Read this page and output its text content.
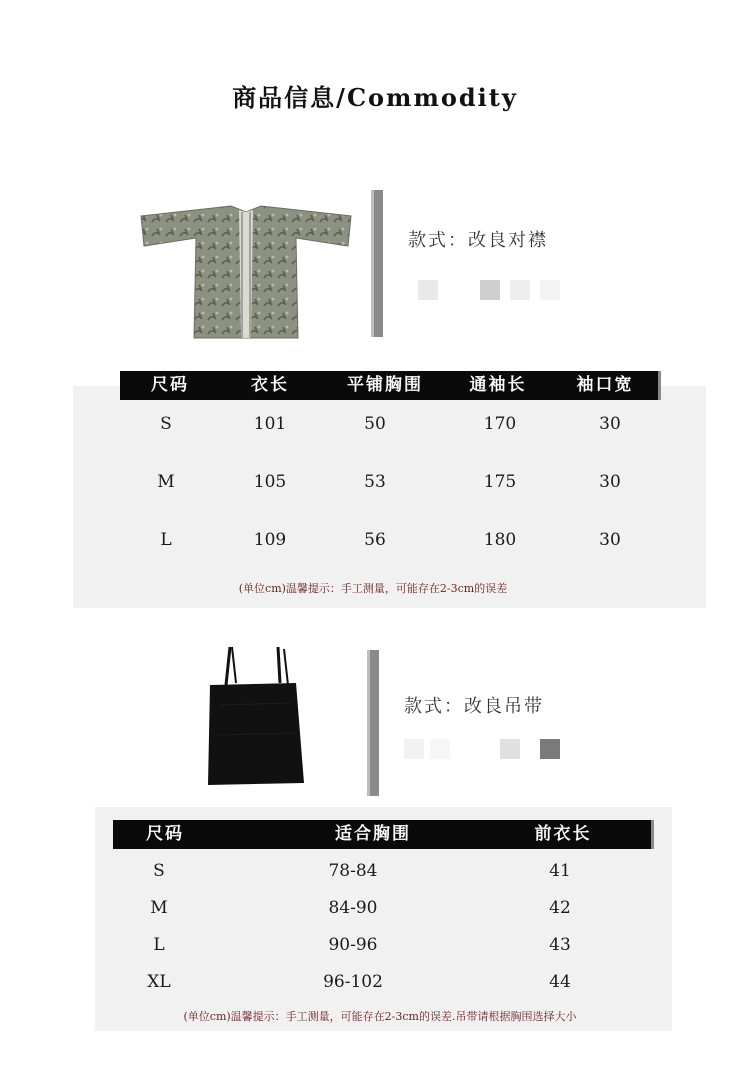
商品信息/Commodity
款式：改良对襟
尺码	衣长	平铺胸围	通袖长	袖口宽
S	101	50	170	30
M	105	53	175	30
L	109	56	180	30
(单位cm)温馨提示：手工测量，可能存在2-3cm的误差
款式：改良吊带
尺码	适合胸围	前衣长
S	78-84	41
M	84-90	42
L	90-96	43
XL	96-102	44
(单位cm)温馨提示：手工测量，可能存在2-3cm的误差.吊带请根据胸围选择大小
